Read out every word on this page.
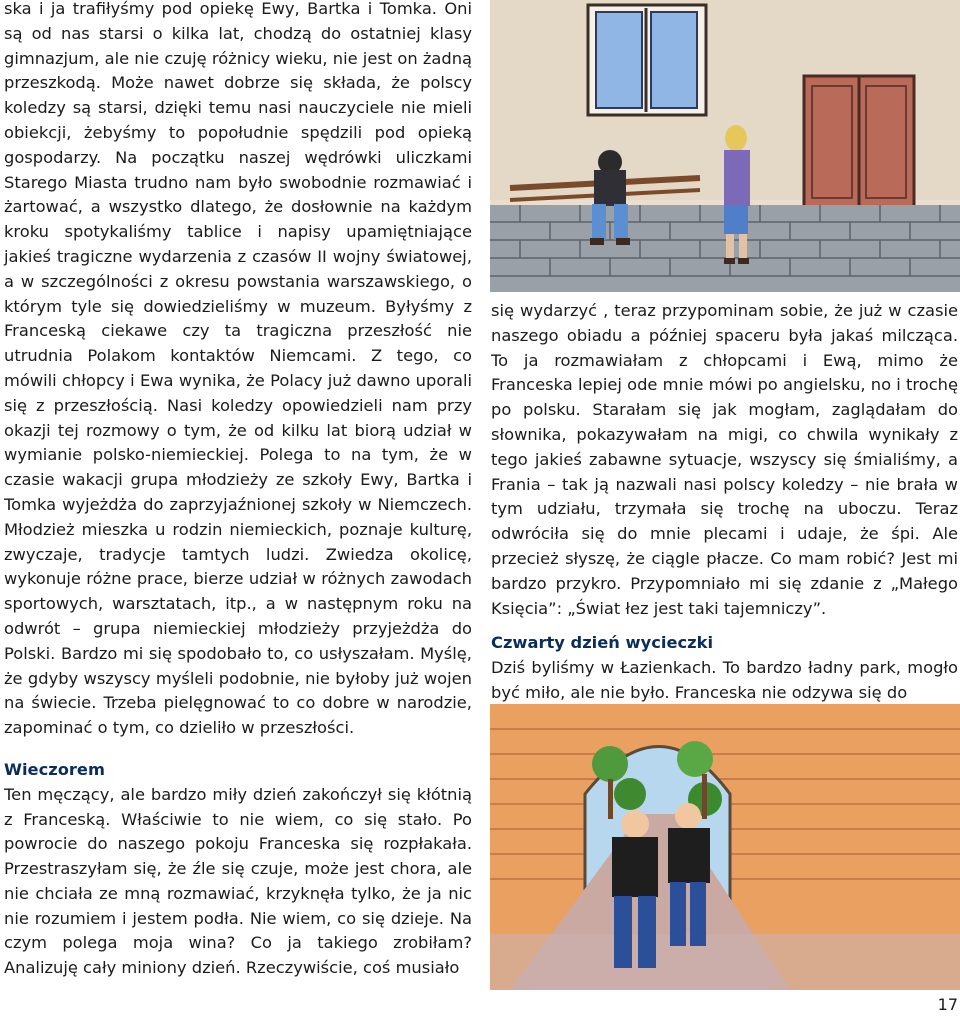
ska i ja trafiłyśmy pod opiekę Ewy, Bartka i Tomka. Oni są od nas starsi o kilka lat, chodzą do ostatniej klasy gimnazjum, ale nie czuję różnicy wieku, nie jest on żadną przeszkodą. Może nawet dobrze się składa, że polscy koledzy są starsi, dzięki temu nasi nauczyciele nie mieli obiekcji, żebyśmy to popołudnie spędzili pod opieką gospodarzy. Na początku naszej wędrówki uliczkami Starego Miasta trudno nam było swobodnie rozmawiać i żartować, a wszystko dlatego, że dosłownie na każdym kroku spotykaliśmy tablice i napisy upamiętniające jakieś tragiczne wydarzenia z czasów II wojny światowej, a w szczególności z okresu powstania warszawskiego, o którym tyle się dowiedzieliśmy w muzeum. Byłyśmy z Franceską ciekawe czy ta tragiczna przeszłość nie utrudnia Polakom kontaktów Niemcami. Z tego, co mówili chłopcy i Ewa wynika, że Polacy już dawno uporali się z przeszłością. Nasi koledzy opowiedzieli nam przy okazji tej rozmowy o tym, że od kilku lat biorą udział w wymianie polsko-niemieckiej. Polega to na tym, że w czasie wakacji grupa młodzieży ze szkoły Ewy, Bartka i Tomka wyjeżdża do zaprzyjaźnionej szkoły w Niemczech. Młodzież mieszka u rodzin niemieckich, poznaje kulturę, zwyczaje, tradycje tamtych ludzi. Zwiedza okolicę, wykonuje różne prace, bierze udział w różnych zawodach sportowych, warsztatach, itp., a w następnym roku na odwrót – grupa niemieckiej młodzieży przyjeżdża do Polski. Bardzo mi się spodobało to, co usłyszałam. Myślę, że gdyby wszyscy myśleli podobnie, nie byłoby już wojen na świecie. Trzeba pielęgnować to co dobre w narodzie, zapominać o tym, co dzieliło w przeszłości.

Wieczorem

Ten męczący, ale bardzo miły dzień zakończył się kłótnią z Franceską. Właściwie to nie wiem, co się stało. Po powrocie do naszego pokoju Franceska się rozpłakała. Przestraszyłam się, że źle się czuje, może jest chora, ale nie chciała ze mną rozmawiać, krzyknęła tylko, że ja nic nie rozumiem i jestem podła. Nie wiem, co się dzieje. Na czym polega moja wina? Co ja takiego zrobiłam? Analizuję cały miniony dzień. Rzeczywiście, coś musiało

się wydarzyć , teraz przypominam sobie, że już w czasie naszego obiadu a później spaceru była jakaś milcząca. To ja rozmawiałam z chłopcami i Ewą, mimo że Franceska lepiej ode mnie mówi po angielsku, no i trochę po polsku. Starałam się jak mogłam, zaglądałam do słownika, pokazywałam na migi, co chwila wynikały z tego jakieś zabawne sytuacje, wszyscy się śmialiśmy, a Frania – tak ją nazwali nasi polscy koledzy – nie brała w tym udziału, trzymała się trochę na uboczu. Teraz odwróciła się do mnie plecami i udaje, że śpi. Ale przecież słyszę, że ciągle płacze. Co mam robić? Jest mi bardzo przykro. Przypomniało mi się zdanie z „Małego Księcia”: „Świat łez jest taki tajemniczy”.

Czwarty dzień wycieczki

Dziś byliśmy w Łazienkach. To bardzo ładny park, mogło być miło, ale nie było. Franceska nie odzywa się do

17
